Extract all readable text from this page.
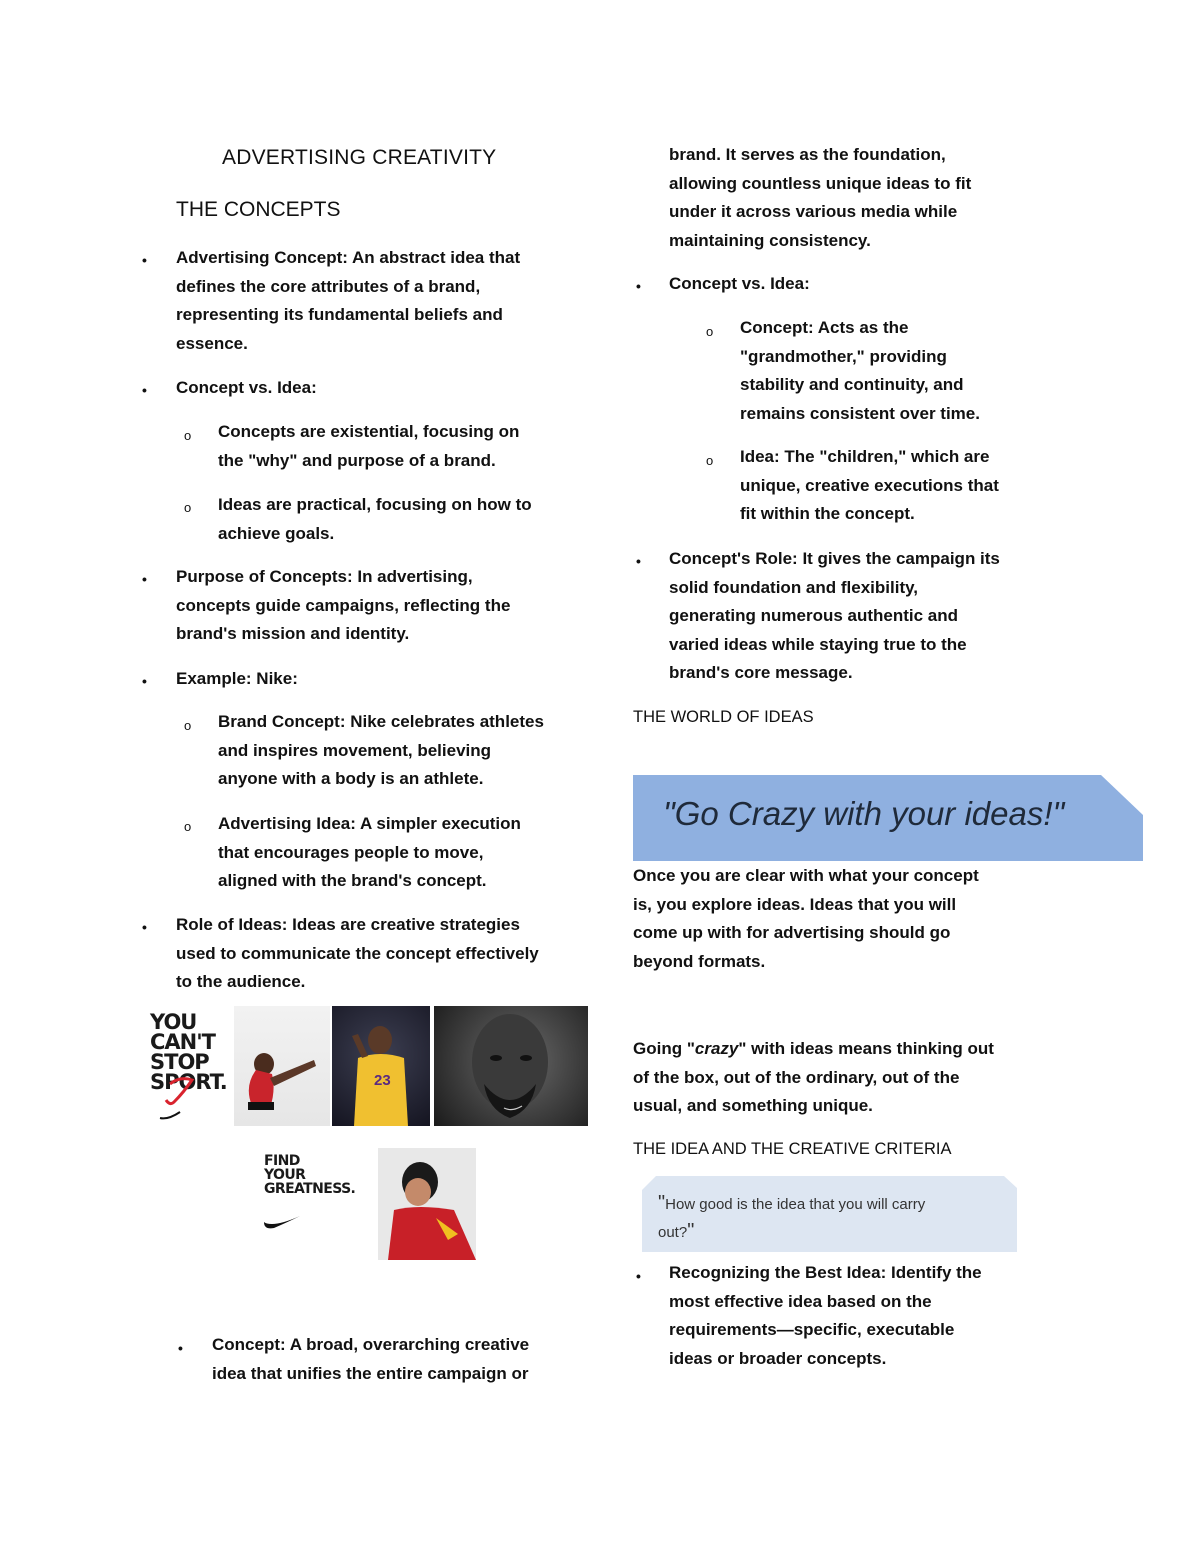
ADVERTISING CREATIVITY
THE CONCEPTS
• Advertising Concept: An abstract idea that
defines the core attributes of a brand,
representing its fundamental beliefs and
essence.
• Concept vs. Idea:
o Concepts are existential, focusing on
the "why" and purpose of a brand.
o Ideas are practical, focusing on how to
achieve goals.
• Purpose of Concepts: In advertising,
concepts guide campaigns, reflecting the
brand's mission and identity.
• Example: Nike:
o Brand Concept: Nike celebrates athletes
and inspires movement, believing
anyone with a body is an athlete.
o Advertising Idea: A simpler execution
that encourages people to move,
aligned with the brand's concept.
• Role of Ideas: Ideas are creative strategies
used to communicate the concept effectively
to the audience.
YOU
CAN'T
STOP
SPORT.	23
FIND
YOUR
GREATNESS.
• Concept: A broad, overarching creative
idea that unifies the entire campaign or
brand. It serves as the foundation,
allowing countless unique ideas to fit
under it across various media while
maintaining consistency.
• Concept vs. Idea:
o Concept: Acts as the
"grandmother," providing
stability and continuity, and
remains consistent over time.
o Idea: The "children," which are
unique, creative executions that
fit within the concept.
• Concept's Role: It gives the campaign its
solid foundation and flexibility,
generating numerous authentic and
varied ideas while staying true to the
brand's core message.
THE WORLD OF IDEAS
"Go Crazy with your ideas!"
Once you are clear with what your concept
is, you explore ideas. Ideas that you will
come up with for advertising should go
beyond formats.
Going "crazy" with ideas means thinking out
of the box, out of the ordinary, out of the
usual, and something unique.
THE IDEA AND THE CREATIVE CRITERIA
"How good is the idea that you will carry
out?"
• Recognizing the Best Idea: Identify the
most effective idea based on the
requirements—specific, executable
ideas or broader concepts.
